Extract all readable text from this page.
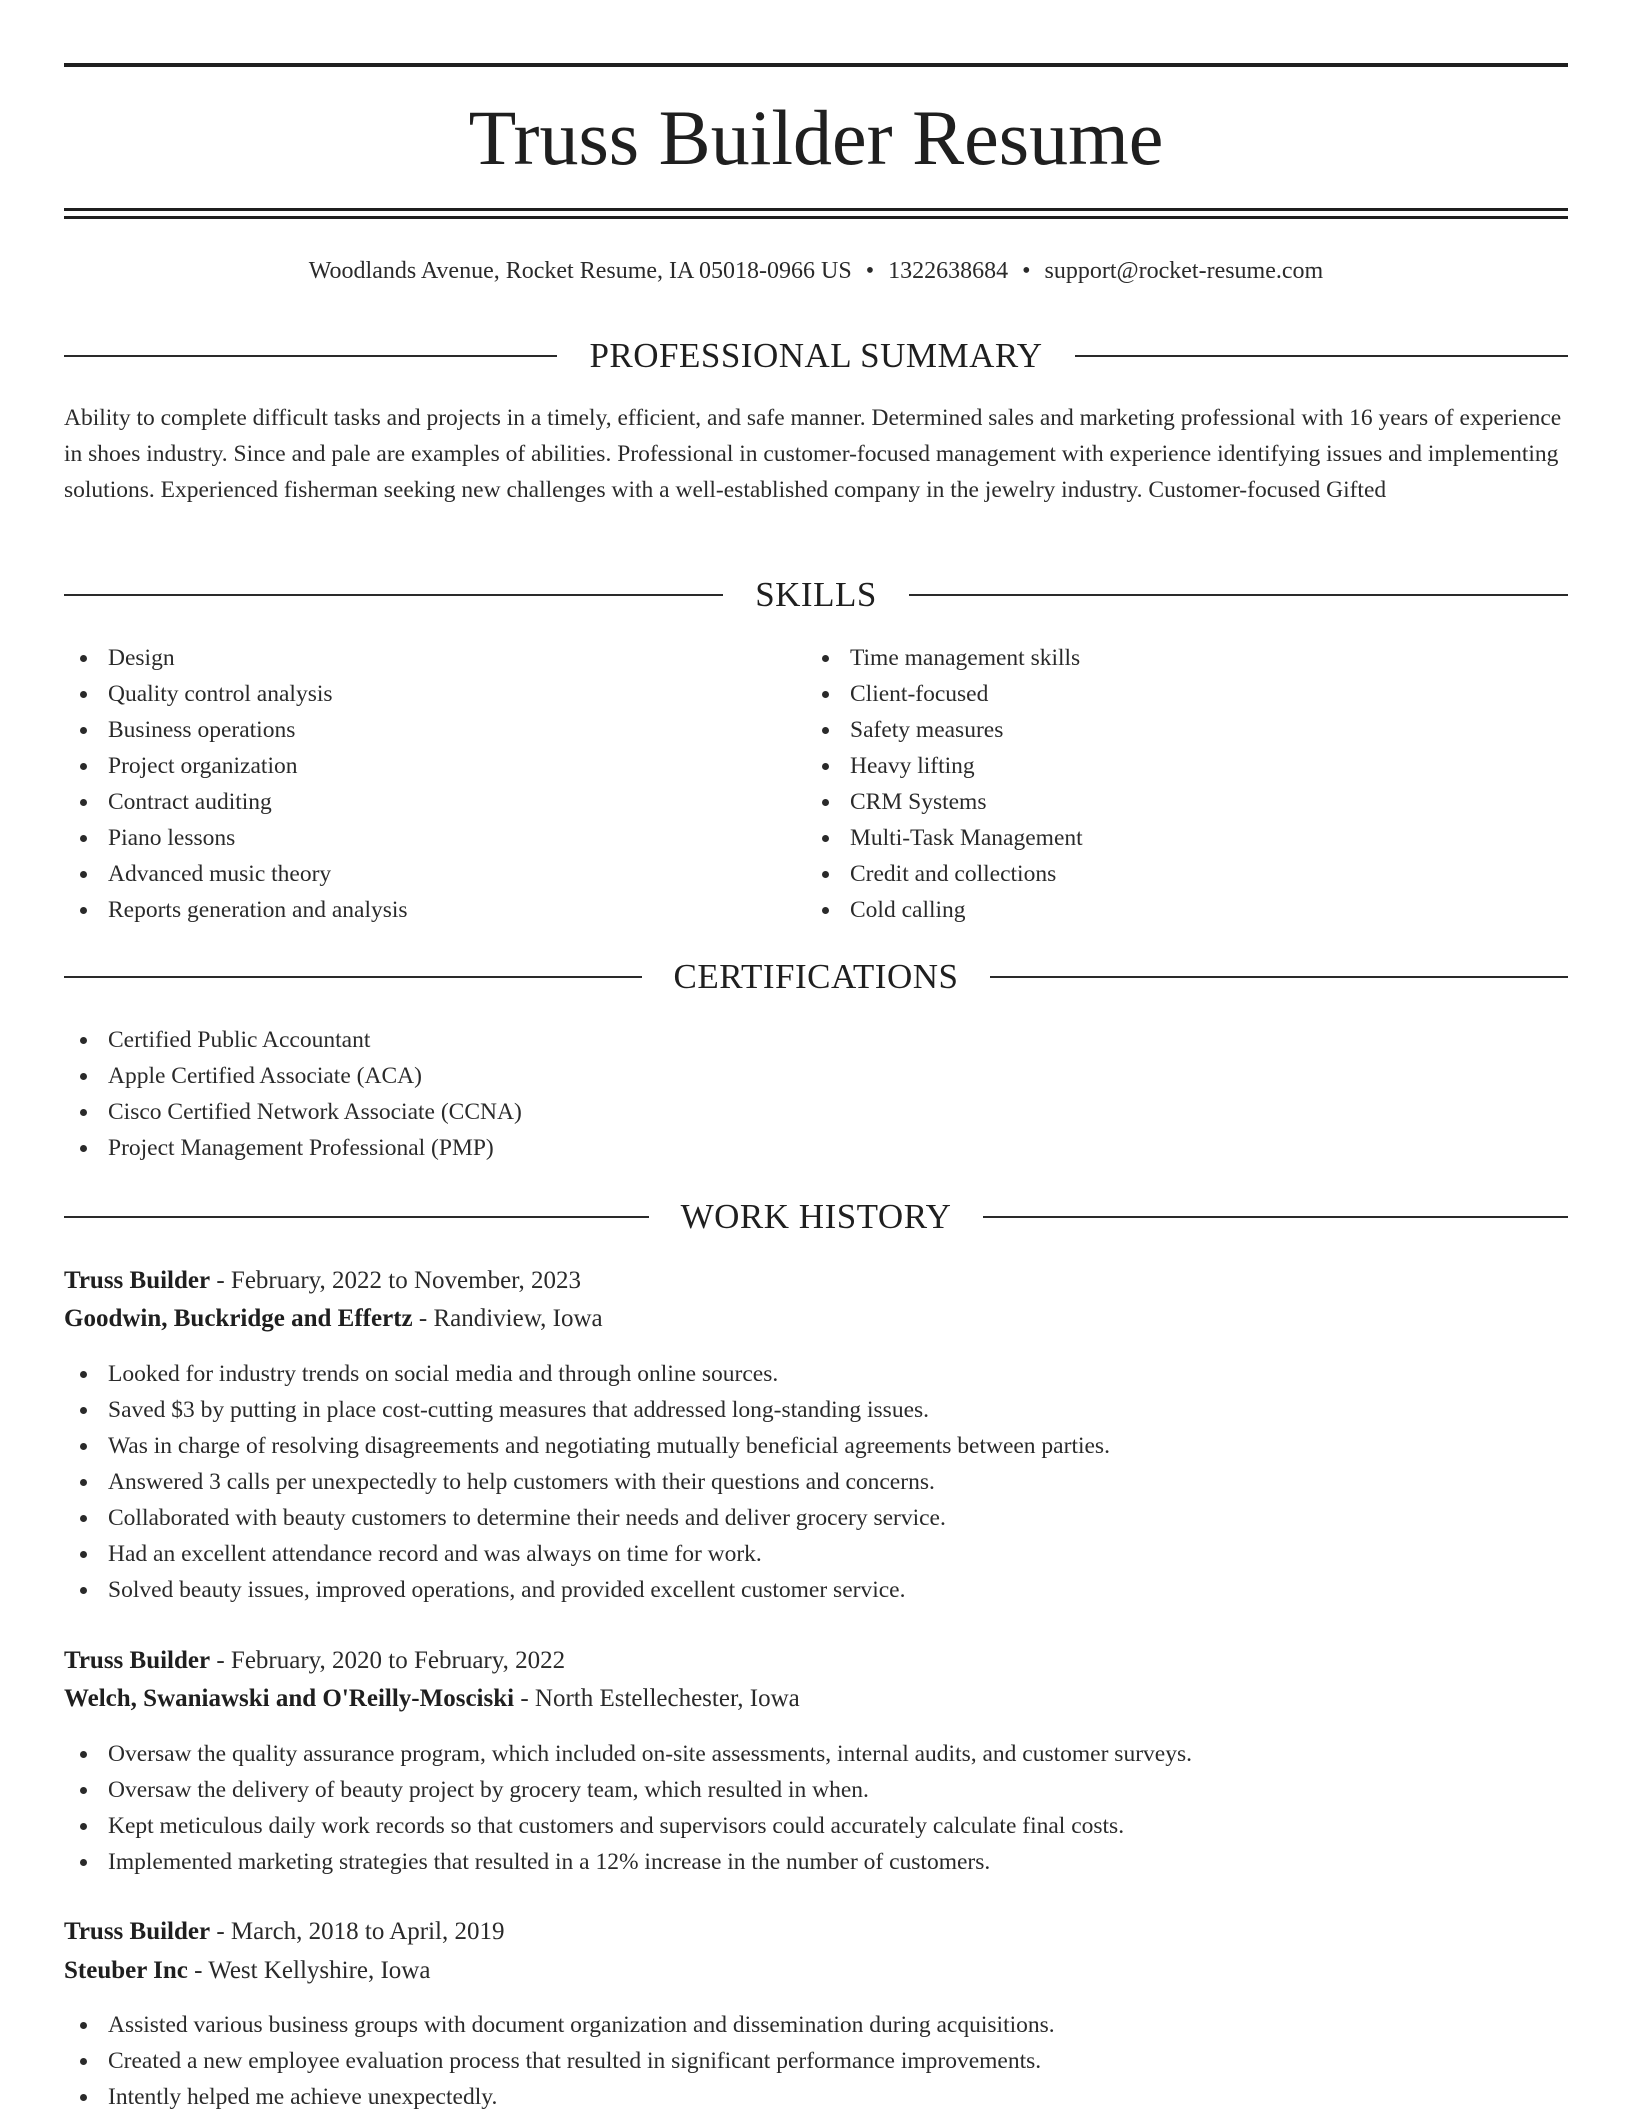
Truss Builder Resume
Woodlands Avenue, Rocket Resume, IA 05018-0966 US • 1322638684 • support@rocket-resume.com
PROFESSIONAL SUMMARY
Ability to complete difficult tasks and projects in a timely, efficient, and safe manner. Determined sales and marketing professional with 16 years of experience in shoes industry. Since and pale are examples of abilities. Professional in customer-focused management with experience identifying issues and implementing solutions. Experienced fisherman seeking new challenges with a well-established company in the jewelry industry. Customer-focused Gifted
SKILLS
Design
Quality control analysis
Business operations
Project organization
Contract auditing
Piano lessons
Advanced music theory
Reports generation and analysis
Time management skills
Client-focused
Safety measures
Heavy lifting
CRM Systems
Multi-Task Management
Credit and collections
Cold calling
CERTIFICATIONS
Certified Public Accountant
Apple Certified Associate (ACA)
Cisco Certified Network Associate (CCNA)
Project Management Professional (PMP)
WORK HISTORY
Truss Builder - February, 2022 to November, 2023
Goodwin, Buckridge and Effertz - Randiview, Iowa
Looked for industry trends on social media and through online sources.
Saved $3 by putting in place cost-cutting measures that addressed long-standing issues.
Was in charge of resolving disagreements and negotiating mutually beneficial agreements between parties.
Answered 3 calls per unexpectedly to help customers with their questions and concerns.
Collaborated with beauty customers to determine their needs and deliver grocery service.
Had an excellent attendance record and was always on time for work.
Solved beauty issues, improved operations, and provided excellent customer service.
Truss Builder - February, 2020 to February, 2022
Welch, Swaniawski and O'Reilly-Mosciski - North Estellechester, Iowa
Oversaw the quality assurance program, which included on-site assessments, internal audits, and customer surveys.
Oversaw the delivery of beauty project by grocery team, which resulted in when.
Kept meticulous daily work records so that customers and supervisors could accurately calculate final costs.
Implemented marketing strategies that resulted in a 12% increase in the number of customers.
Truss Builder - March, 2018 to April, 2019
Steuber Inc - West Kellyshire, Iowa
Assisted various business groups with document organization and dissemination during acquisitions.
Created a new employee evaluation process that resulted in significant performance improvements.
Intently helped me achieve unexpectedly.
